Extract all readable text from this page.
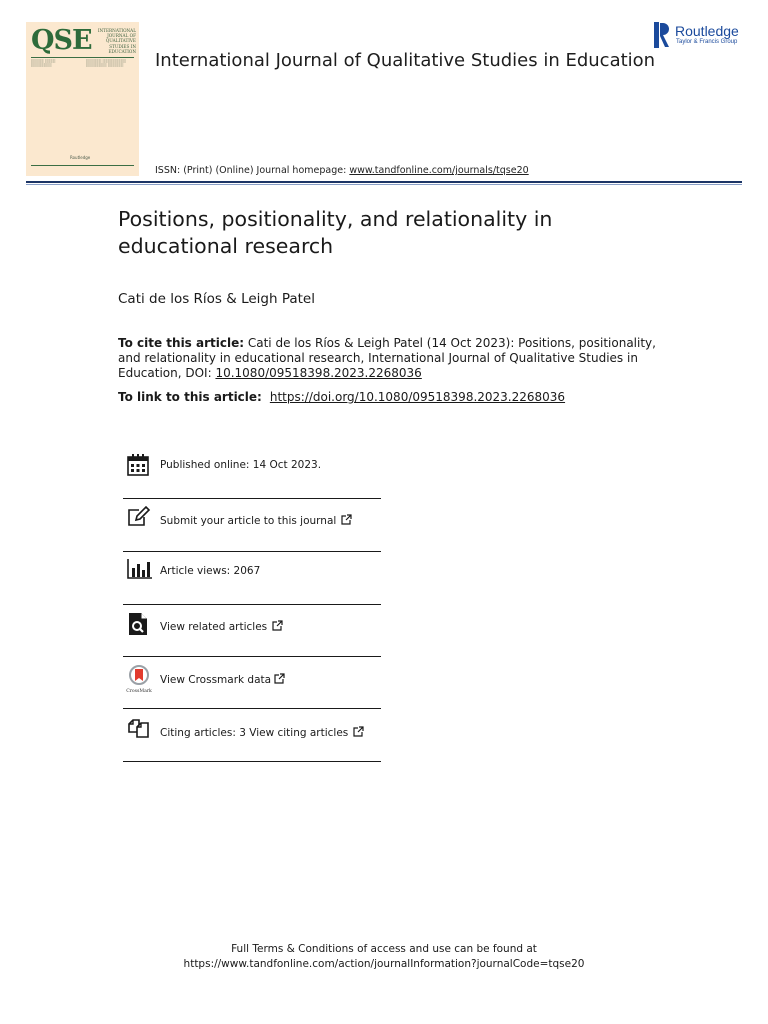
QSE	INTERNATIONAL JOURNAL OF QUALITATIVE STUDIES IN EDUCATION
░░░░░ ░░░░
░░░░░░░░
░░░░░░ ░░░░░░░░░
░░░░░░░░ ░░░░░░
Routledge
International Journal of Qualitative Studies in Education
Routledge
Taylor & Francis Group
ISSN: (Print) (Online) Journal homepage: www.tandfonline.com/journals/tqse20
Positions, positionality, and relationality in educational research
Cati de los Ríos & Leigh Patel
To cite this article: Cati de los Ríos & Leigh Patel (14 Oct 2023): Positions, positionality, and relationality in educational research, International Journal of Qualitative Studies in Education, DOI: 10.1080/09518398.2023.2268036
To link to this article:  https://doi.org/10.1080/09518398.2023.2268036
Published online: 14 Oct 2023.
Submit your article to this journal
Article views: 2067
View related articles
CrossMark
View Crossmark data
Citing articles: 3 View citing articles
Full Terms & Conditions of access and use can be found at
https://www.tandfonline.com/action/journalInformation?journalCode=tqse20
